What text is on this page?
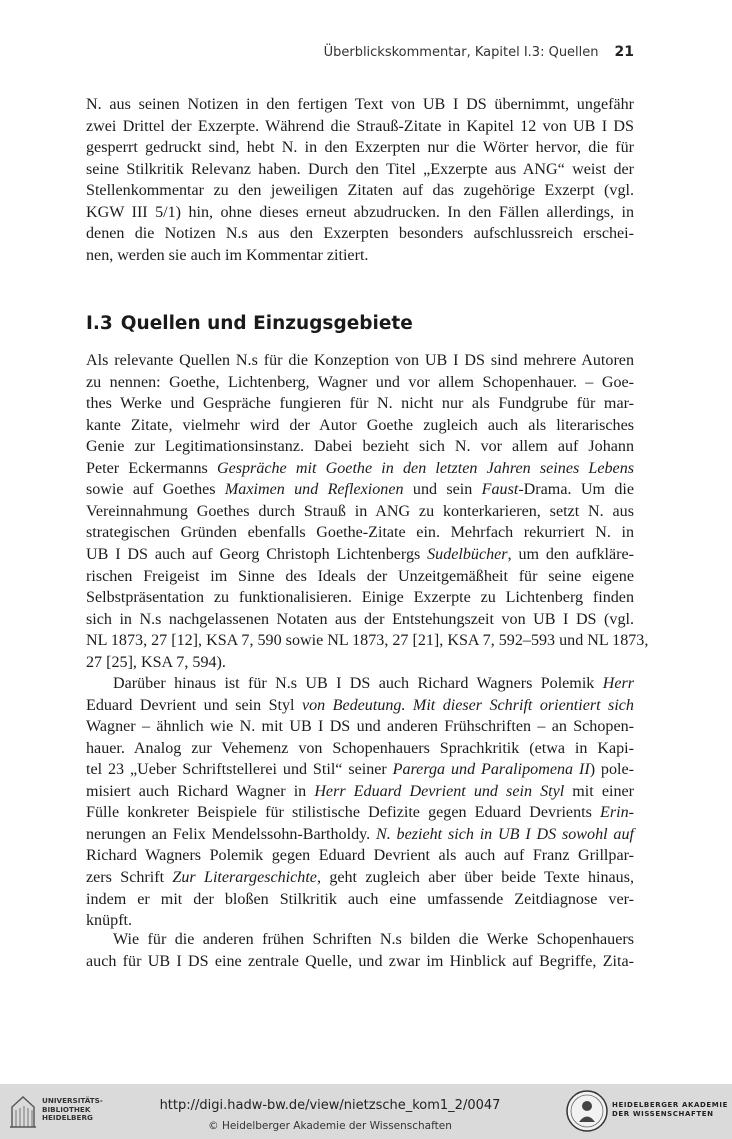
Überblickskommentar, Kapitel I.3: Quellen 21
N. aus seinen Notizen in den fertigen Text von UB I DS übernimmt, ungefähr
zwei Drittel der Exzerpte. Während die Strauß-Zitate in Kapitel 12 von UB I DS
gesperrt gedruckt sind, hebt N. in den Exzerpten nur die Wörter hervor, die für
seine Stilkritik Relevanz haben. Durch den Titel „Exzerpte aus ANG“ weist der
Stellenkommentar zu den jeweiligen Zitaten auf das zugehörige Exzerpt (vgl.
KGW III 5/1) hin, ohne dieses erneut abzudrucken. In den Fällen allerdings, in
denen die Notizen N.s aus den Exzerpten besonders aufschlussreich erschei-
nen, werden sie auch im Kommentar zitiert.
Als relevante Quellen N.s für die Konzeption von UB I DS sind mehrere Autoren
zu nennen: Goethe, Lichtenberg, Wagner und vor allem Schopenhauer. – Goe-
thes Werke und Gespräche fungieren für N. nicht nur als Fundgrube für mar-
kante Zitate, vielmehr wird der Autor Goethe zugleich auch als literarisches
Genie zur Legitimationsinstanz. Dabei bezieht sich N. vor allem auf Johann
Peter Eckermanns Gespräche mit Goethe in den letzten Jahren seines Lebens
sowie auf Goethes Maximen und Reflexionen und sein Faust-Drama. Um die
Vereinnahmung Goethes durch Strauß in ANG zu konterkarieren, setzt N. aus
strategischen Gründen ebenfalls Goethe-Zitate ein. Mehrfach rekurriert N. in
UB I DS auch auf Georg Christoph Lichtenbergs Sudelbücher, um den aufkläre-
rischen Freigeist im Sinne des Ideals der Unzeitgemäßheit für seine eigene
Selbstpräsentation zu funktionalisieren. Einige Exzerpte zu Lichtenberg finden
sich in N.s nachgelassenen Notaten aus der Entstehungszeit von UB I DS (vgl.
NL 1873, 27 [12], KSA 7, 590 sowie NL 1873, 27 [21], KSA 7, 592–593 und NL 1873,
27 [25], KSA 7, 594).
Darüber hinaus ist für N.s UB I DS auch Richard Wagners Polemik Herr
Eduard Devrient und sein Styl von Bedeutung. Mit dieser Schrift orientiert sich
Wagner – ähnlich wie N. mit UB I DS und anderen Frühschriften – an Schopen-
hauer. Analog zur Vehemenz von Schopenhauers Sprachkritik (etwa in Kapi-
tel 23 „Ueber Schriftstellerei und Stil“ seiner Parerga und Paralipomena II) pole-
misiert auch Richard Wagner in Herr Eduard Devrient und sein Styl mit einer
Fülle konkreter Beispiele für stilistische Defizite gegen Eduard Devrients Erin-
nerungen an Felix Mendelssohn-Bartholdy. N. bezieht sich in UB I DS sowohl auf
Richard Wagners Polemik gegen Eduard Devrient als auch auf Franz Grillpar-
zers Schrift Zur Literargeschichte, geht zugleich aber über beide Texte hinaus,
indem er mit der bloßen Stilkritik auch eine umfassende Zeitdiagnose ver-
knüpft.
Wie für die anderen frühen Schriften N.s bilden die Werke Schopenhauers
auch für UB I DS eine zentrale Quelle, und zwar im Hinblick auf Begriffe, Zita-
I.3 Quellen und Einzugsgebiete
UNIVERSITÄTS-
BIBLIOTHEK
HEIDELBERG
http://digi.hadw-bw.de/view/nietzsche_kom1_2/0047
© Heidelberger Akademie der Wissenschaften
HEIDELBERGER AKADEMIE
DER WISSENSCHAFTEN
